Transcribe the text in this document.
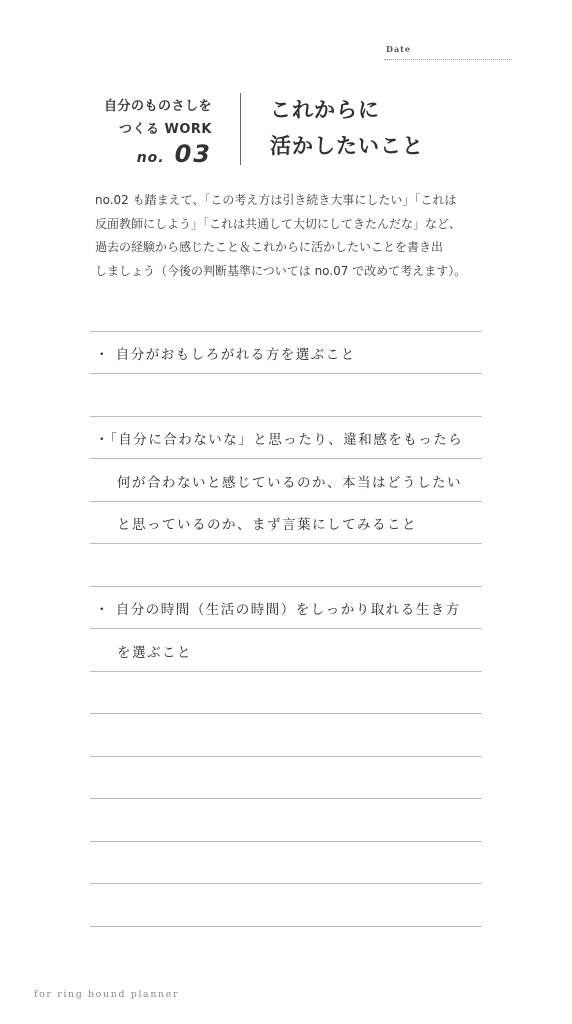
Date
自分のものさしを
つくる WORK
no. 03
これからに
活かしたいこと
no.02 も踏まえて、「この考え方は引き続き大事にしたい」「これは
反面教師にしよう」「これは共通して大切にしてきたんだな」など、
過去の経験から感じたこと＆これからに活かしたいことを書き出
しましょう（今後の判断基準については no.07 で改めて考えます）。
・ 自分がおもしろがれる方を選ぶこと
・「自分に合わないな」と思ったり、違和感をもったら
何が合わないと感じているのか、本当はどうしたい
と思っているのか、まず言葉にしてみること
・ 自分の時間（生活の時間）をしっかり取れる生き方
を選ぶこと
for ring bound planner
